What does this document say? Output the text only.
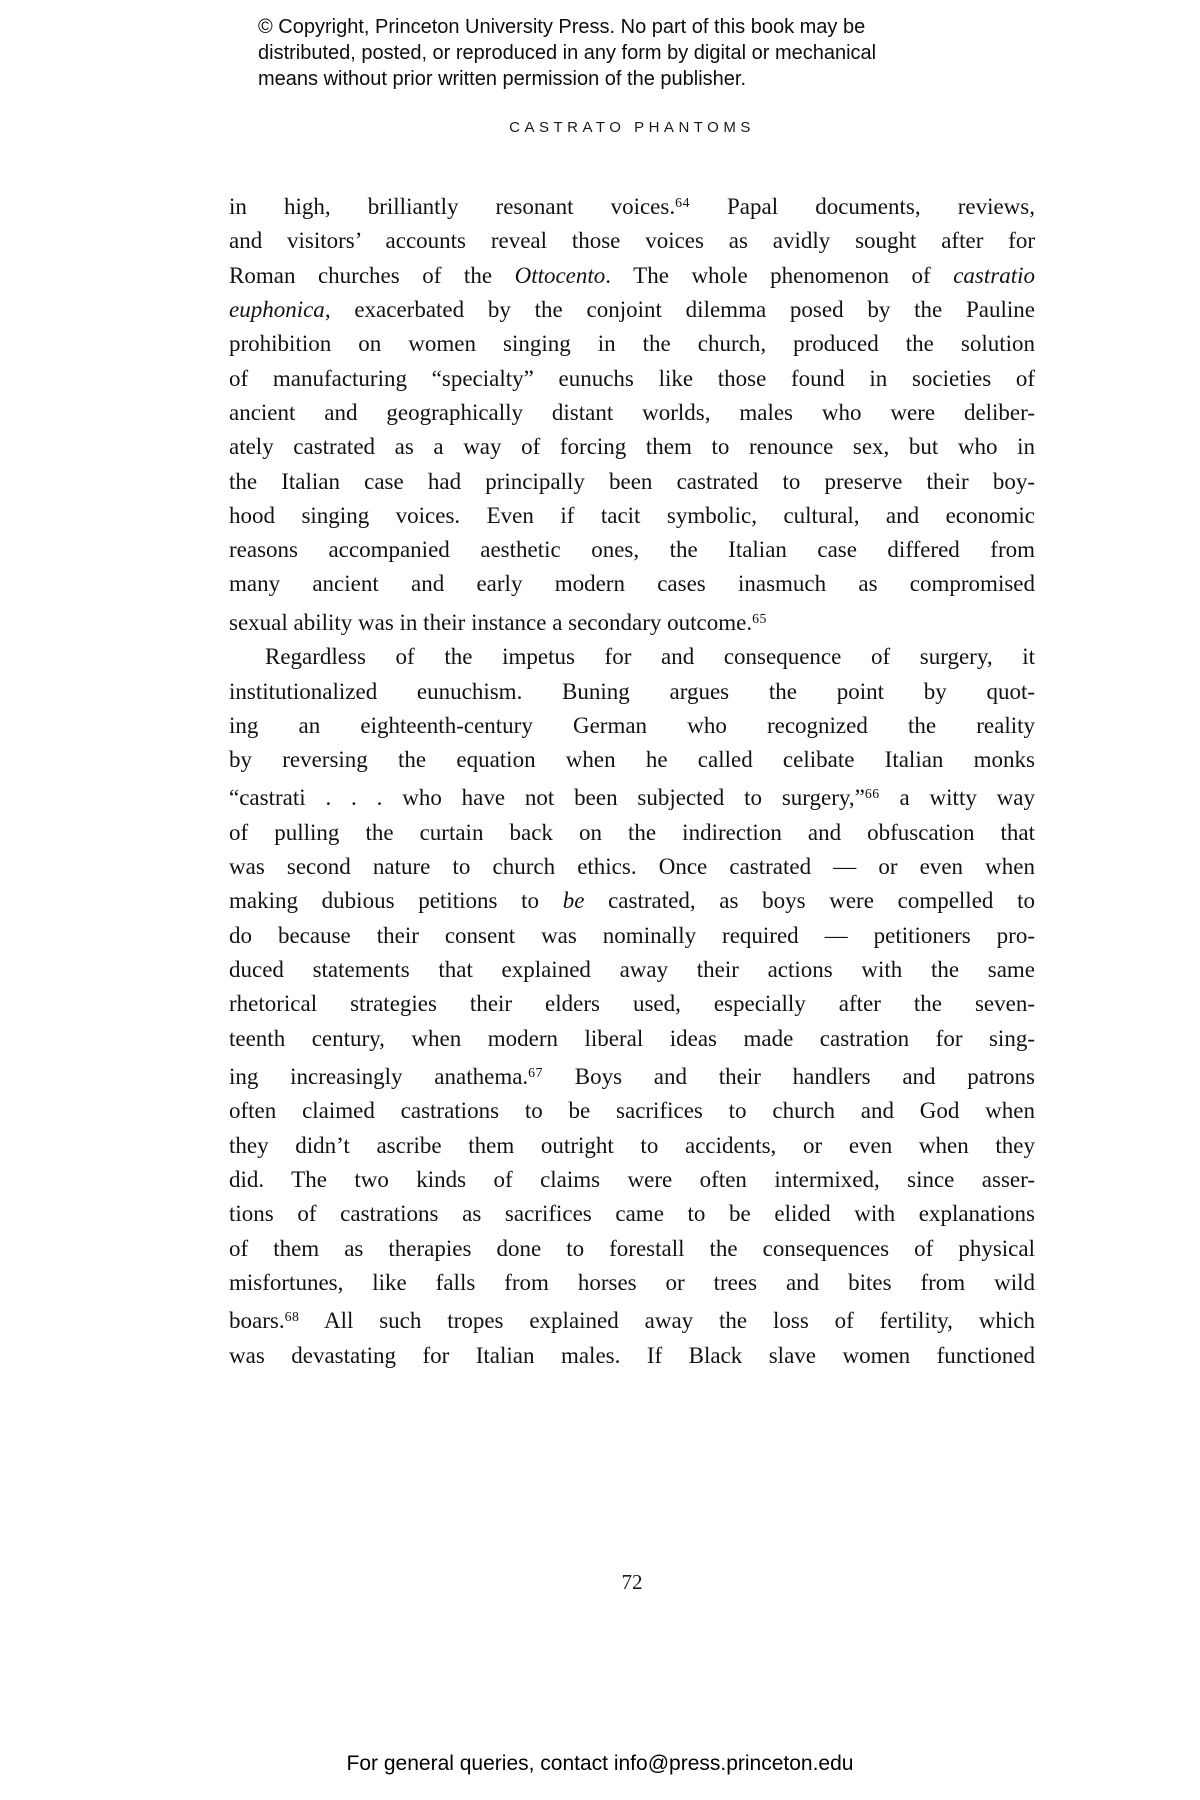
© Copyright, Princeton University Press. No part of this book may be
distributed, posted, or reproduced in any form by digital or mechanical
means without prior written permission of the publisher.
CASTRATO PHANTOMS
in high, brilliantly resonant voices.$^{64}$ Papal documents, reviews,
and visitors’ accounts reveal those voices as avidly sought after for
Roman churches of the Ottocento. The whole phenomenon of castratio
euphonica, exacerbated by the conjoint dilemma posed by the Pauline
prohibition on women singing in the church, produced the solution
of manufacturing “specialty” eunuchs like those found in societies of
ancient and geographically distant worlds, males who were deliber-
ately castrated as a way of forcing them to renounce sex, but who in
the Italian case had principally been castrated to preserve their boy-
hood singing voices. Even if tacit symbolic, cultural, and economic
reasons accompanied aesthetic ones, the Italian case differed from
many ancient and early modern cases inasmuch as compromised
sexual ability was in their instance a secondary outcome.$^{65}$
Regardless of the impetus for and consequence of surgery, it
institutionalized eunuchism. Buning argues the point by quot-
ing an eighteenth-century German who recognized the reality
by reversing the equation when he called celibate Italian monks
“castrati . . . who have not been subjected to surgery,”$^{66}$ a witty way
of pulling the curtain back on the indirection and obfuscation that
was second nature to church ethics. Once castrated — or even when
making dubious petitions to be castrated, as boys were compelled to
do because their consent was nominally required — petitioners pro-
duced statements that explained away their actions with the same
rhetorical strategies their elders used, especially after the seven-
teenth century, when modern liberal ideas made castration for sing-
ing increasingly anathema.$^{67}$ Boys and their handlers and patrons
often claimed castrations to be sacrifices to church and God when
they didn’t ascribe them outright to accidents, or even when they
did. The two kinds of claims were often intermixed, since asser-
tions of castrations as sacrifices came to be elided with explanations
of them as therapies done to forestall the consequences of physical
misfortunes, like falls from horses or trees and bites from wild
boars.$^{68}$ All such tropes explained away the loss of fertility, which
was devastating for Italian males. If Black slave women functioned
72
For general queries, contact info@press.princeton.edu
